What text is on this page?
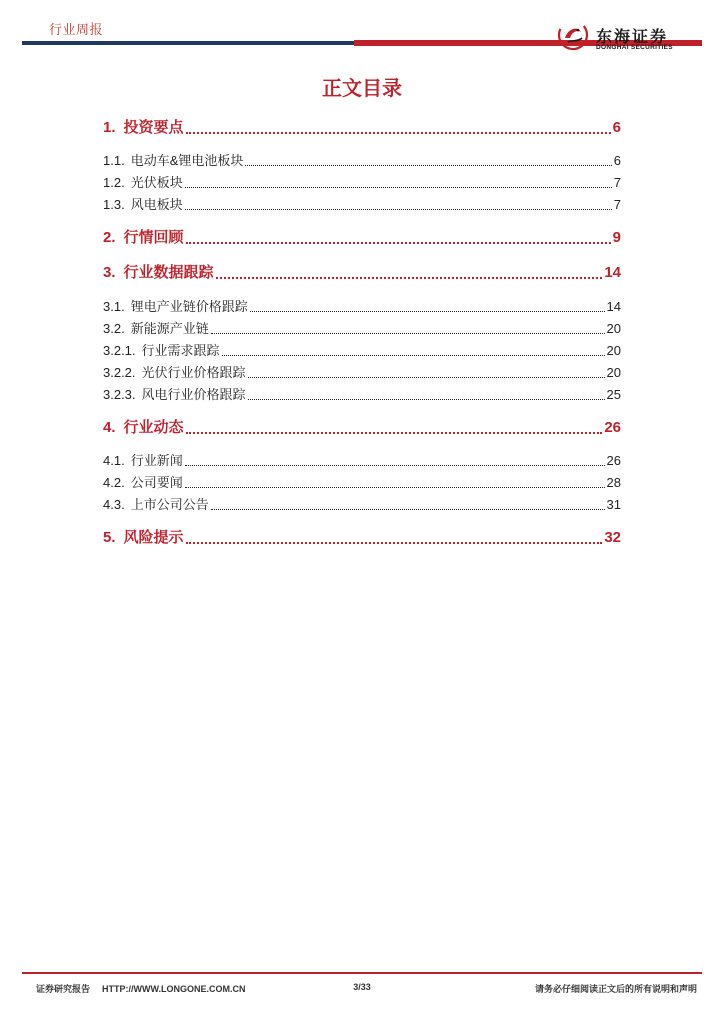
行业周报	东海证券
DONGHAI SECURITIES
正文目录
1. 投资要点	6
1.1. 电动车&锂电池板块	6
1.2. 光伏板块	7
1.3. 风电板块	7
2. 行情回顾	9
3. 行业数据跟踪	14
3.1. 锂电产业链价格跟踪	14
3.2. 新能源产业链	20
3.2.1. 行业需求跟踪	20
3.2.2. 光伏行业价格跟踪	20
3.2.3. 风电行业价格跟踪	25
4. 行业动态	26
4.1. 行业新闻	26
4.2. 公司要闻	28
4.3. 上市公司公告	31
5. 风险提示	32
证券研究报告 HTTP://WWW.LONGONE.COM.CN	3/33	请务必仔细阅读正文后的所有说明和声明
